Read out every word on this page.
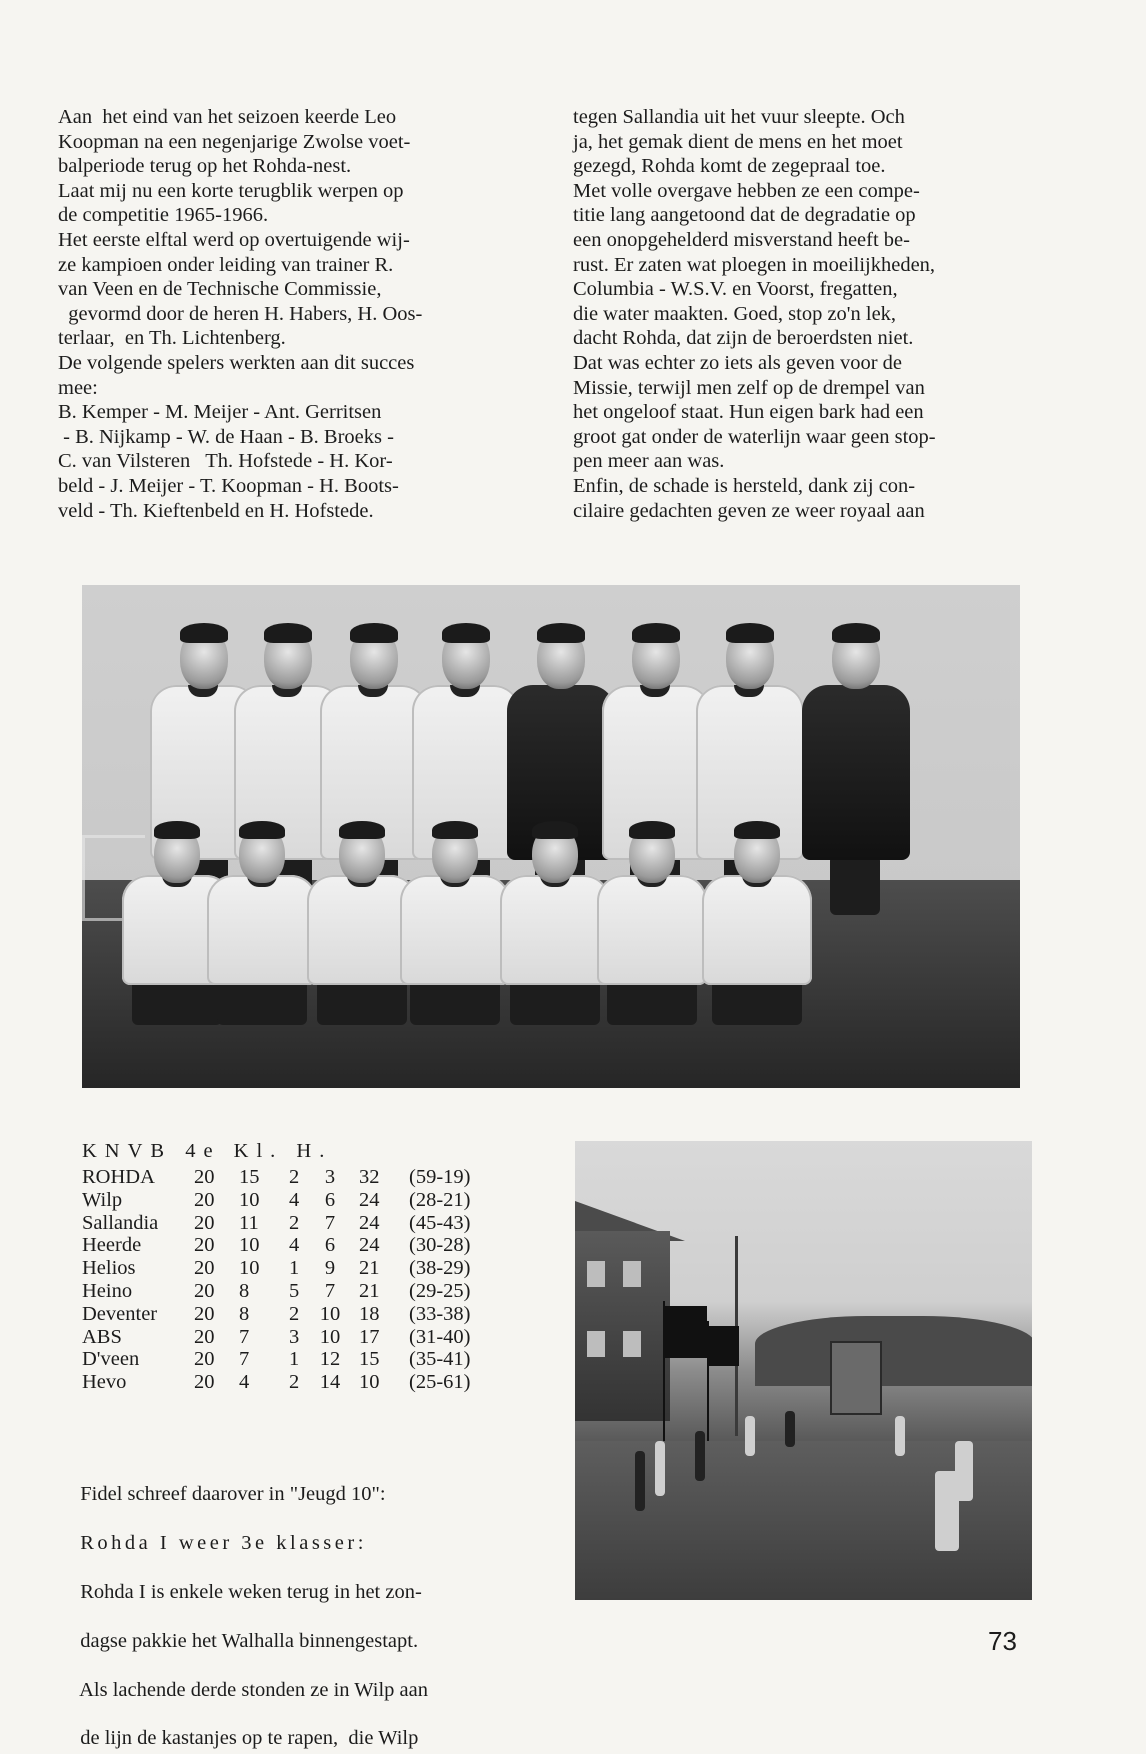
Aan  het eind van het seizoen keerde Leo
Koopman na een negenjarige Zwolse voet-
balperiode terug op het Rohda-nest.
Laat mij nu een korte terugblik werpen op
de competitie 1965-1966.
Het eerste elftal werd op overtuigende wij-
ze kampioen onder leiding van trainer R.
van Veen en de Technische Commissie,
gevormd door de heren H. Habers, H. Oos-
terlaar,  en Th. Lichtenberg.
De volgende spelers werkten aan dit succes
mee:
B. Kemper - M. Meijer - Ant. Gerritsen
- B. Nijkamp - W. de Haan - B. Broeks -
C. van Vilsteren   Th. Hofstede - H. Kor-
beld - J. Meijer - T. Koopman - H. Boots-
veld - Th. Kieftenbeld en H. Hofstede.
tegen Sallandia uit het vuur sleepte. Och
ja, het gemak dient de mens en het moet
gezegd, Rohda komt de zegepraal toe.
Met volle overgave hebben ze een compe-
titie lang aangetoond dat de degradatie op
een onopgehelderd misverstand heeft be-
rust. Er zaten wat ploegen in moeilijkheden,
Columbia - W.S.V. en Voorst, fregatten,
die water maakten. Goed, stop zo'n lek,
dacht Rohda, dat zijn de beroerdsten niet.
Dat was echter zo iets als geven voor de
Missie, terwijl men zelf op de drempel van
het ongeloof staat. Hun eigen bark had een
groot gat onder de waterlijn waar geen stop-
pen meer aan was.
Enfin, de schade is hersteld, dank zij con-
cilaire gedachten geven ze weer royaal aan
KNVB 4e Kl. H.
ROHDA	20	15	2	3	32	(59-19)
Wilp	20	10	4	6	24	(28-21)
Sallandia	20	11	2	7	24	(45-43)
Heerde	20	10	4	6	24	(30-28)
Helios	20	10	1	9	21	(38-29)
Heino	20	8	5	7	21	(29-25)
Deventer	20	8	2	10	18	(33-38)
ABS	20	7	3	10	17	(31-40)
D'veen	20	7	1	12	15	(35-41)
Hevo	20	4	2	14	10	(25-61)

Fidel schreef daarover in "Jeugd 10":

Rohda I weer 3e klasser:

Rohda I is enkele weken terug in het zon-

dagse pakkie het Walhalla binnengestapt.

Als lachende derde stonden ze in Wilp aan

de lijn de kastanjes op te rapen,  die Wilp

73
